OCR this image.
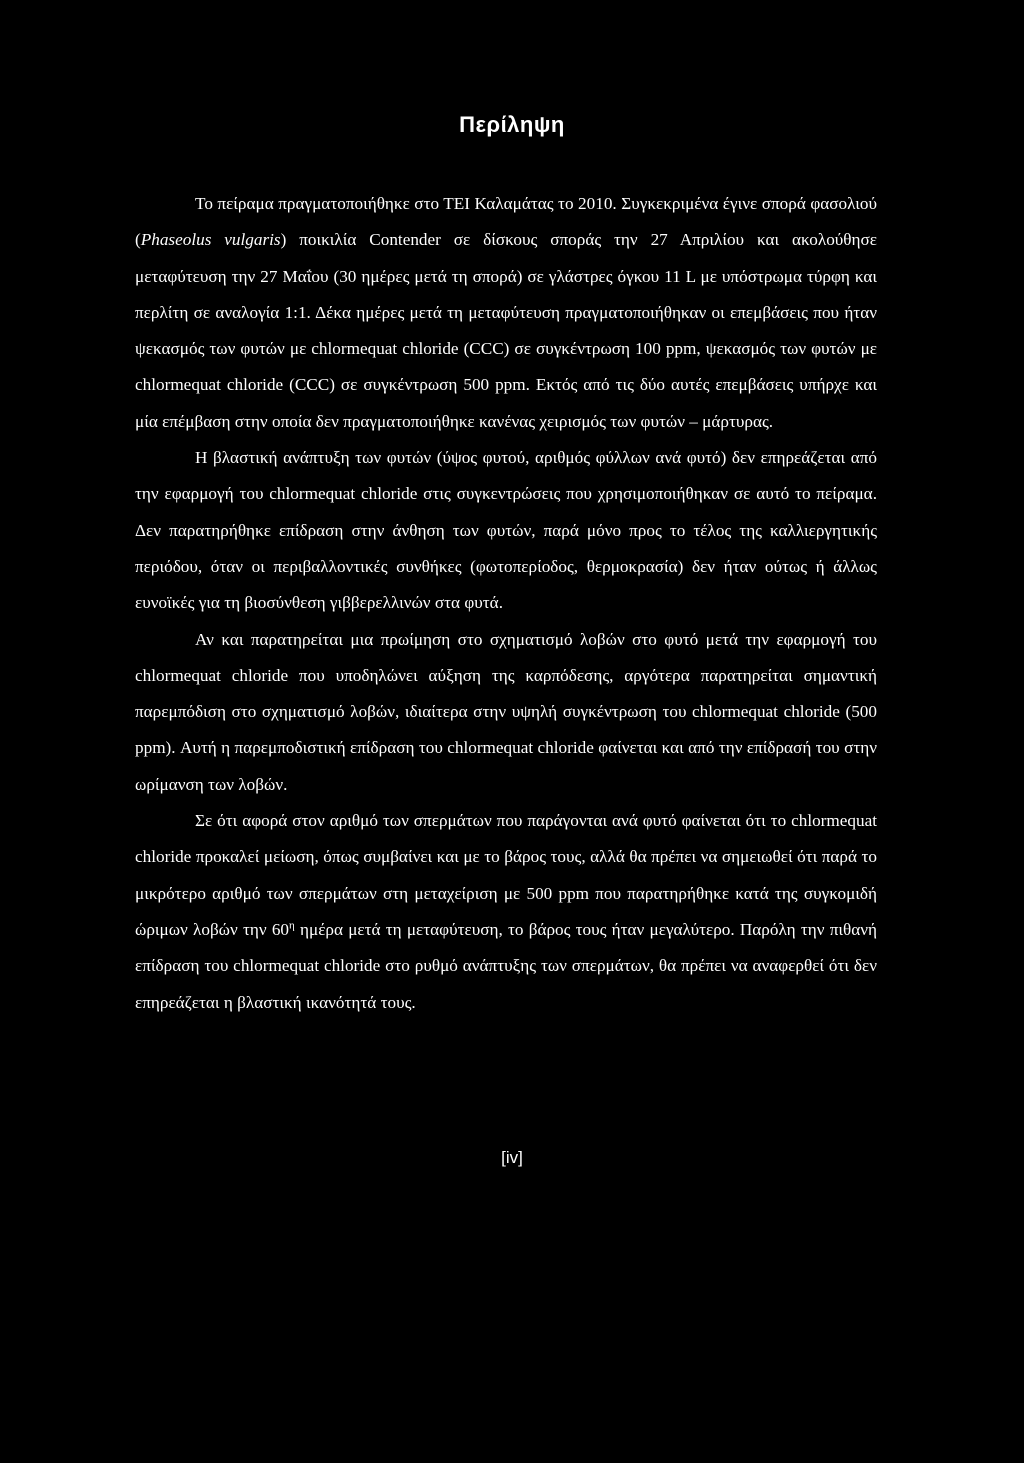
Περίληψη

Το πείραμα πραγματοποιήθηκε στο ΤΕΙ Καλαμάτας το 2010. Συγκεκριμένα έγινε σπορά φασολιού (Phaseolus vulgaris) ποικιλία Contender σε δίσκους σποράς την 27 Απριλίου και ακολούθησε μεταφύτευση την 27 Μαΐου (30 ημέρες μετά τη σπορά) σε γλάστρες όγκου 11 L με υπόστρωμα τύρφη και περλίτη σε αναλογία 1:1. Δέκα ημέρες μετά τη μεταφύτευση πραγματοποιήθηκαν οι επεμβάσεις που ήταν ψεκασμός των φυτών με chlormequat chloride (CCC) σε συγκέντρωση 100 ppm, ψεκασμός των φυτών με chlormequat chloride (CCC) σε συγκέντρωση 500 ppm. Εκτός από τις δύο αυτές επεμβάσεις υπήρχε και μία επέμβαση στην οποία δεν πραγματοποιήθηκε κανένας χειρισμός των φυτών – μάρτυρας.

Η βλαστική ανάπτυξη των φυτών (ύψος φυτού, αριθμός φύλλων ανά φυτό) δεν επηρεάζεται από την εφαρμογή του chlormequat chloride στις συγκεντρώσεις που χρησιμοποιήθηκαν σε αυτό το πείραμα. Δεν παρατηρήθηκε επίδραση στην άνθηση των φυτών, παρά μόνο προς το τέλος της καλλιεργητικής περιόδου, όταν οι περιβαλλοντικές συνθήκες (φωτοπερίοδος, θερμοκρασία) δεν ήταν ούτως ή άλλως ευνοϊκές για τη βιοσύνθεση γιββερελλινών στα φυτά.

Αν και παρατηρείται μια πρωίμηση στο σχηματισμό λοβών στο φυτό μετά την εφαρμογή του chlormequat chloride που υποδηλώνει αύξηση της καρπόδεσης, αργότερα παρατηρείται σημαντική παρεμπόδιση στο σχηματισμό λοβών, ιδιαίτερα στην υψηλή συγκέντρωση του chlormequat chloride (500 ppm). Αυτή η παρεμποδιστική επίδραση του chlormequat chloride φαίνεται και από την επίδρασή του στην ωρίμανση των λοβών.

Σε ότι αφορά στον αριθμό των σπερμάτων που παράγονται ανά φυτό φαίνεται ότι το chlormequat chloride προκαλεί μείωση, όπως συμβαίνει και με το βάρος τους, αλλά θα πρέπει να σημειωθεί ότι παρά το μικρότερο αριθμό των σπερμάτων στη μεταχείριση με 500 ppm που παρατηρήθηκε κατά της συγκομιδή ώριμων λοβών την $60^\eta$ ημέρα μετά τη μεταφύτευση, το βάρος τους ήταν μεγαλύτερο. Παρόλη την πιθανή επίδραση του chlormequat chloride στο ρυθμό ανάπτυξης των σπερμάτων, θα πρέπει να αναφερθεί ότι δεν επηρεάζεται η βλαστική ικανότητά τους.

[iv]
